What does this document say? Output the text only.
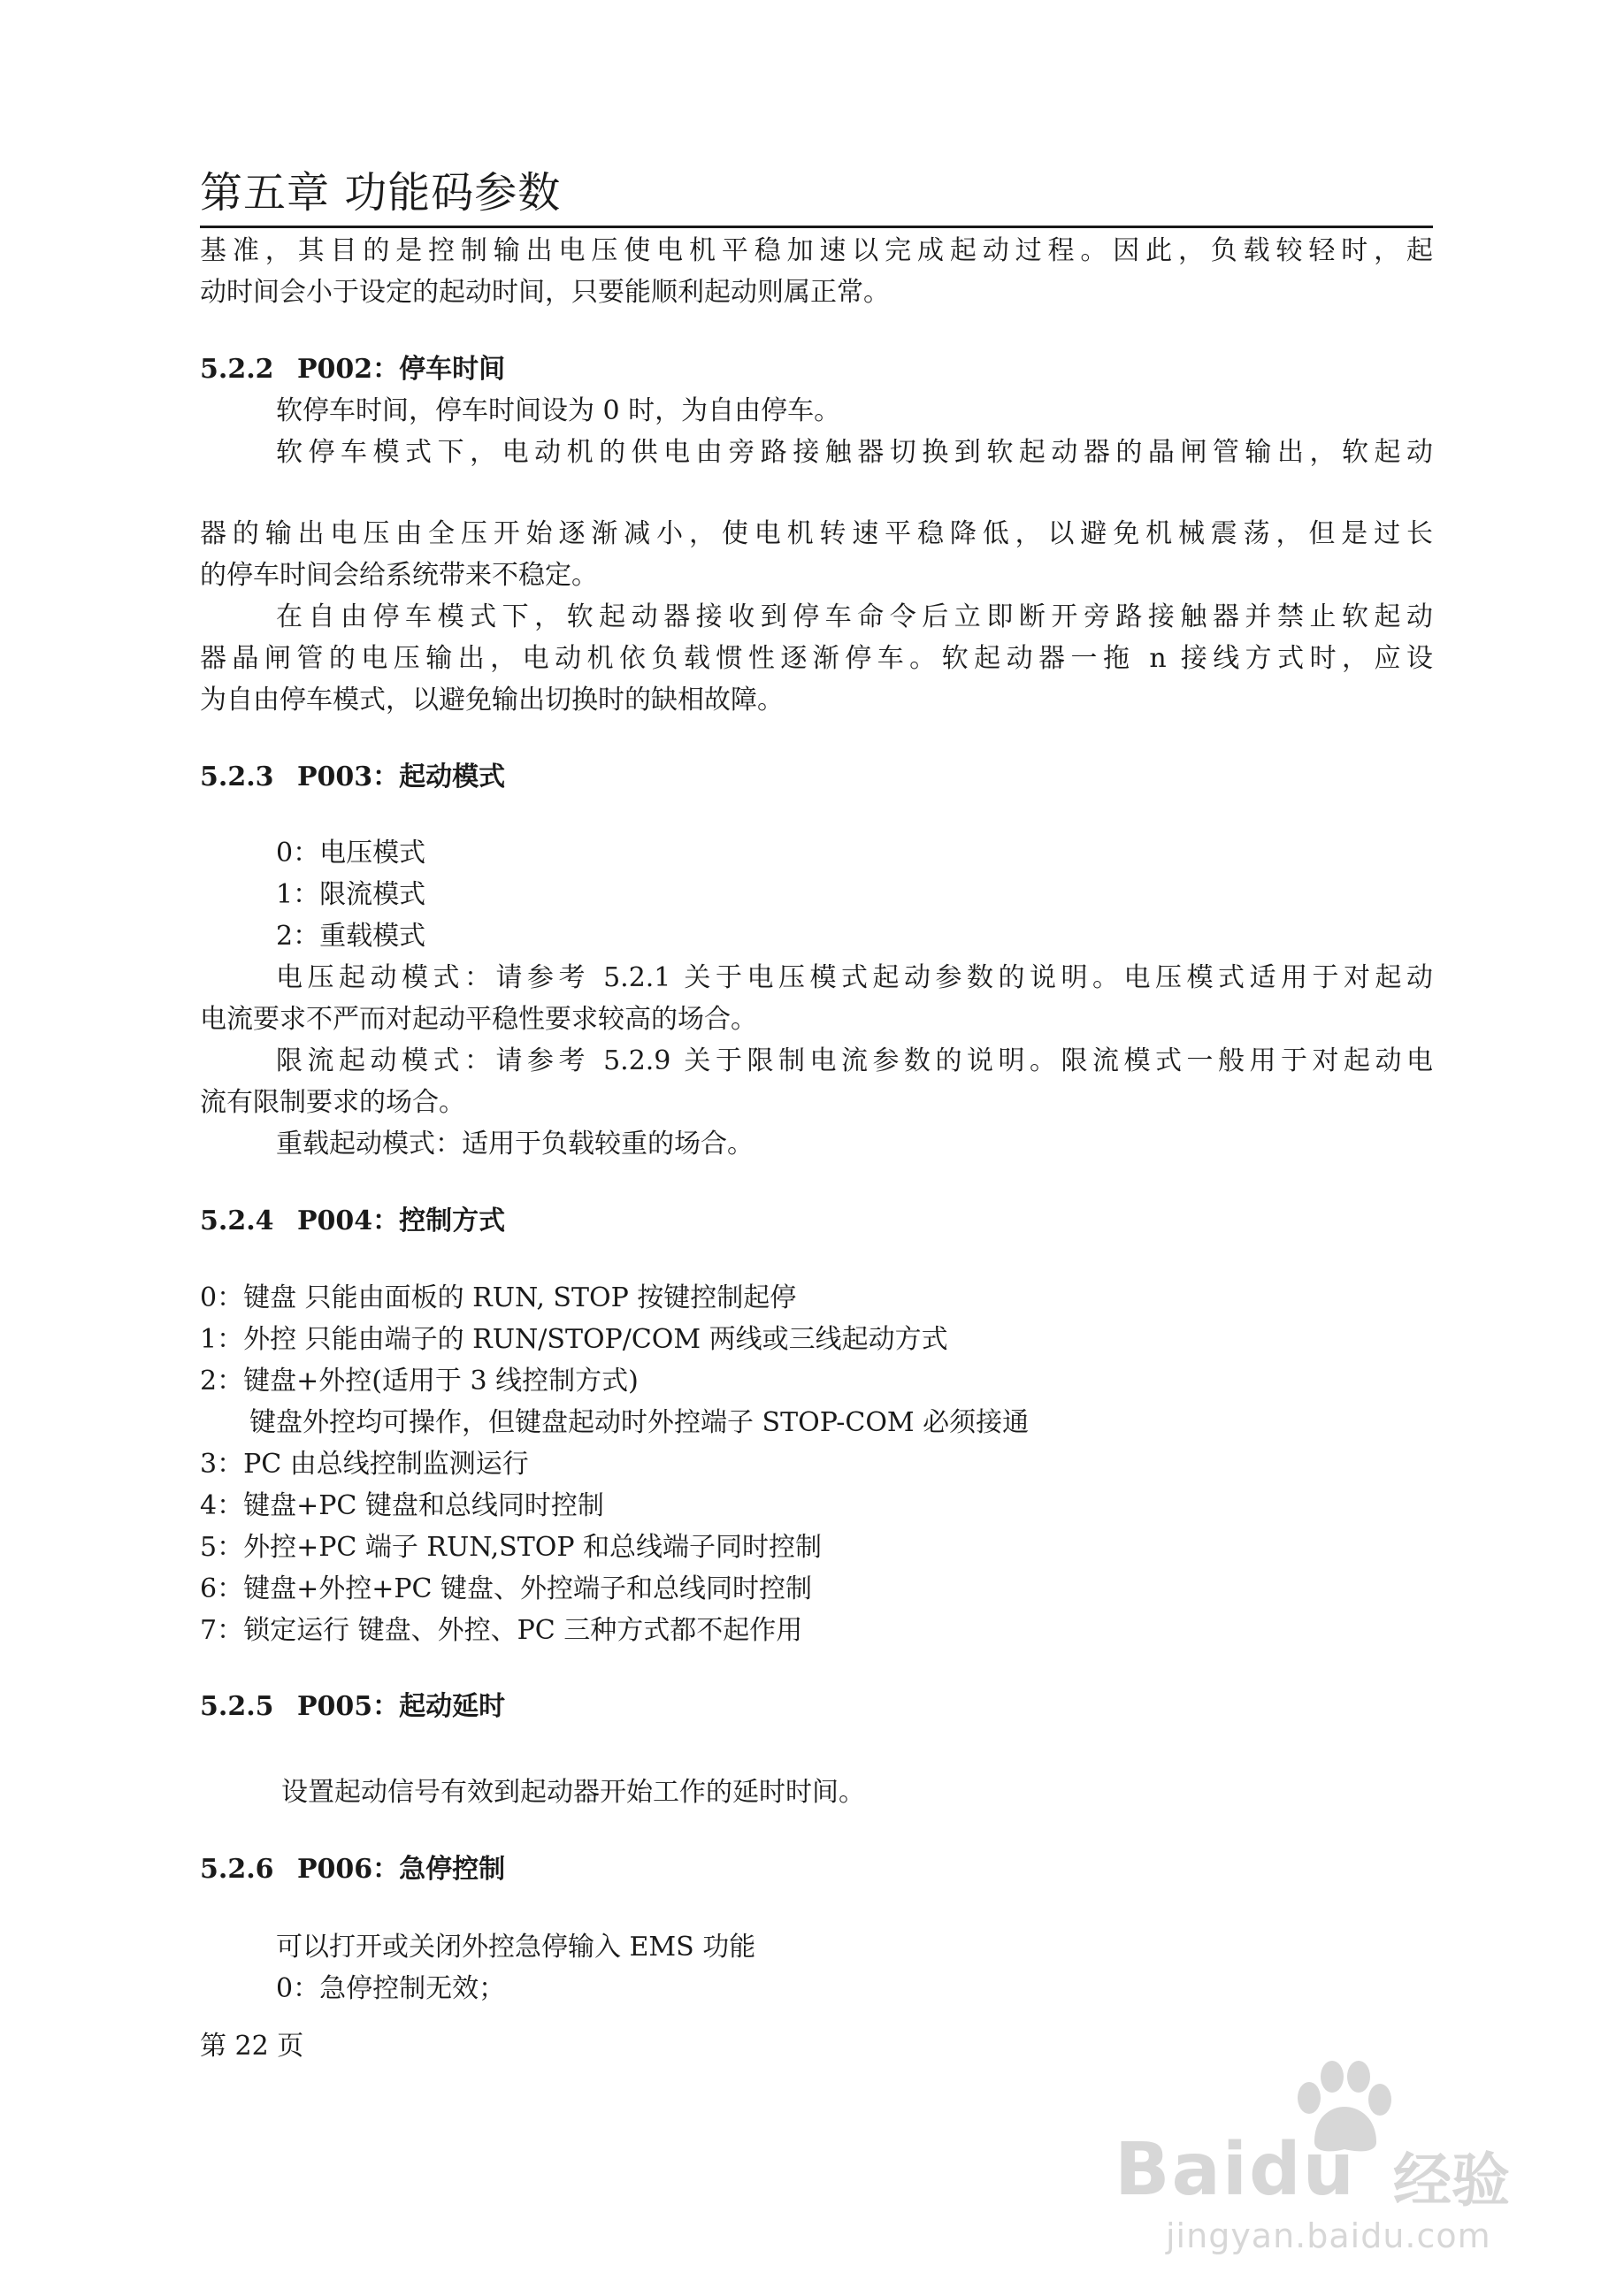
第五章 功能码参数
基准，其目的是控制输出电压使电机平稳加速以完成起动过程。因此，负载较轻时，起
动时间会小于设定的起动时间，只要能顺利起动则属正常。
5.2.2 P002：停车时间
软停车时间，停车时间设为 0 时，为自由停车。
软停车模式下，电动机的供电由旁路接触器切换到软起动器的晶闸管输出，软起动
器的输出电压由全压开始逐渐减小，使电机转速平稳降低，以避免机械震荡，但是过长
的停车时间会给系统带来不稳定。
在自由停车模式下，软起动器接收到停车命令后立即断开旁路接触器并禁止软起动
器晶闸管的电压输出，电动机依负载惯性逐渐停车。软起动器一拖 n 接线方式时，应设
为自由停车模式，以避免输出切换时的缺相故障。
5.2.3 P003：起动模式
0：电压模式
1：限流模式
2：重载模式
电压起动模式：请参考 5.2.1 关于电压模式起动参数的说明。电压模式适用于对起动
电流要求不严而对起动平稳性要求较高的场合。
限流起动模式：请参考 5.2.9 关于限制电流参数的说明。限流模式一般用于对起动电
流有限制要求的场合。
重载起动模式：适用于负载较重的场合。
5.2.4 P004：控制方式
0：键盘 只能由面板的 RUN, STOP 按键控制起停
1：外控 只能由端子的 RUN/STOP/COM 两线或三线起动方式
2：键盘+外控(适用于 3 线控制方式)
键盘外控均可操作，但键盘起动时外控端子 STOP-COM 必须接通
3：PC 由总线控制监测运行
4：键盘+PC 键盘和总线同时控制
5：外控+PC 端子 RUN,STOP 和总线端子同时控制
6：键盘+外控+PC 键盘、外控端子和总线同时控制
7：锁定运行 键盘、外控、PC 三种方式都不起作用
5.2.5 P005：起动延时
设置起动信号有效到起动器开始工作的延时时间。
5.2.6 P006：急停控制
可以打开或关闭外控急停输入 EMS 功能
0：急停控制无效；
第 22 页
Baidu 经验
jingyan.baidu.com
